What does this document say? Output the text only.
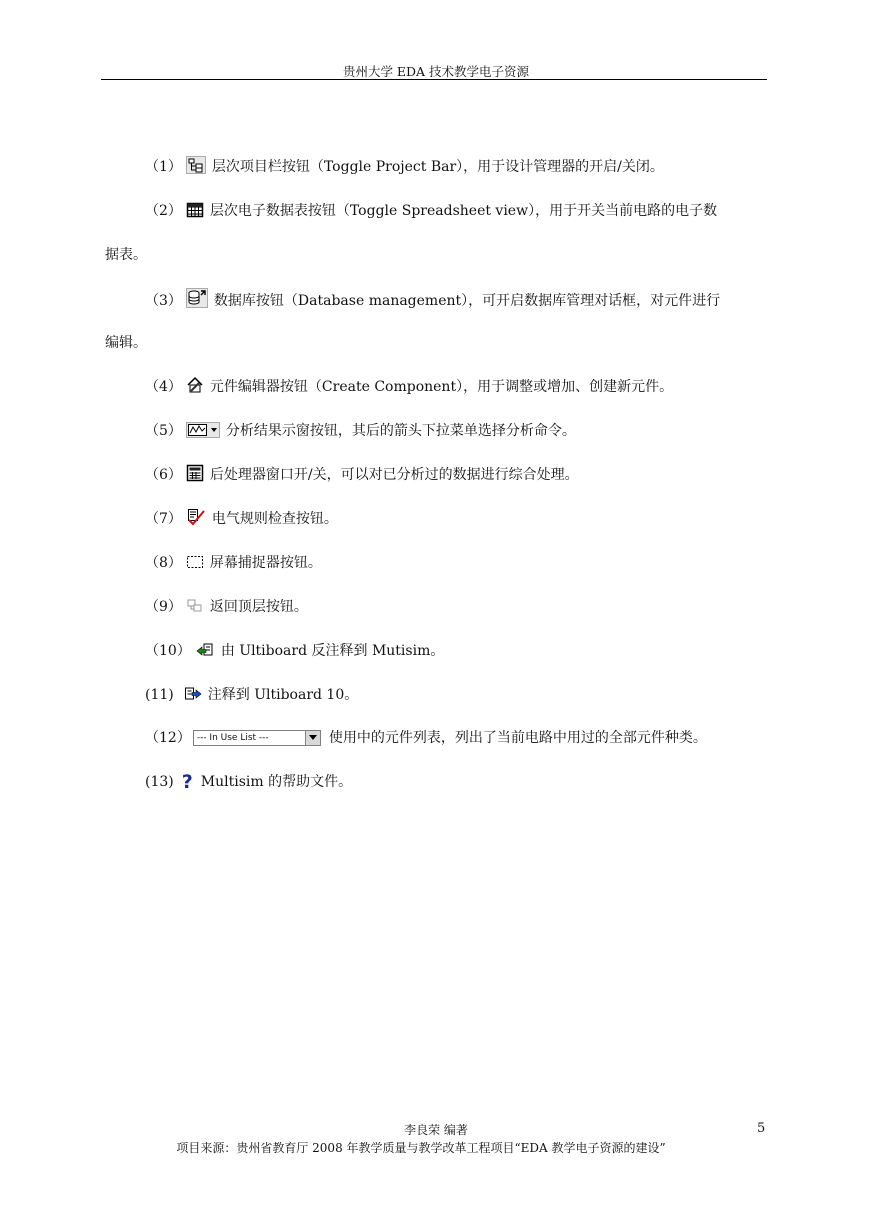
贵州大学 EDA 技术教学电子资源
（1） 层次项目栏按钮（Toggle Project Bar），用于设计管理器的开启/关闭。
（2） 层次电子数据表按钮（Toggle Spreadsheet view），用于开关当前电路的电子数
据表。
（3） 数据库按钮（Database management），可开启数据库管理对话框，对元件进行
编辑。
（4） 元件编辑器按钮（Create Component），用于调整或增加、创建新元件。
（5）	分析结果示窗按钮，其后的箭头下拉菜单选择分析命令。
（6） 后处理器窗口开/关，可以对已分析过的数据进行综合处理。
（7） 电气规则检查按钮。
（8） 屏幕捕捉器按钮。
（9） 返回顶层按钮。
（10） 由 Ultiboard 反注释到 Mutisim。
(11) 注释到 Ultiboard 10。
（12） --- In Use List ---	使用中的元件列表，列出了当前电路中用过的全部元件种类。
(13) ? Multisim 的帮助文件。
李良荣 编著	5
项目来源：贵州省教育厅 2008 年教学质量与教学改革工程项目“EDA 教学电子资源的建设”
